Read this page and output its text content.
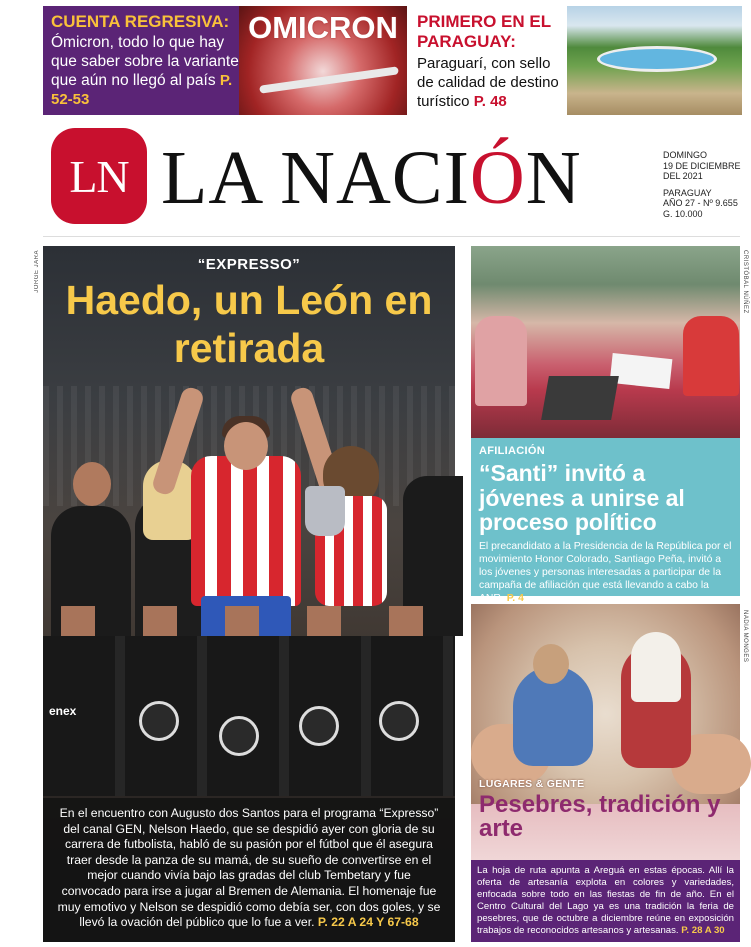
CUENTA REGRESIVA:
Ómicron, todo lo que hay que saber sobre la variante que aún no llegó al país P. 52-53
OMICRON	PRIMERO EN EL PARAGUAY:
Paraguarí, con sello de calidad de destino turístico P. 48
LN LA NACIÓN	DOMINGO
19 DE DICIEMBRE
DEL 2021
PARAGUAY
AÑO 27 - Nº 9.655
G. 10.000
JORGE JARA	CRISTÓBAL NÚÑEZ
NADIA MONGES
“EXPRESSO”
Haedo, un León en retirada
enex
En el encuentro con Augusto dos Santos para el programa “Expresso” del canal GEN, Nelson Haedo, que se despidió ayer con gloria de su carrera de futbolista, habló de su pasión por el fútbol que él asegura traer desde la panza de su mamá, de su sueño de convertirse en el mejor cuando vivía bajo las gradas del club Tembetary y fue convocado para irse a jugar al Bremen de Alemania. El homenaje fue muy emotivo y Nelson se despidió como debía ser, con dos goles, y se llevó la ovación del público que lo fue a ver. P. 22 A 24 Y 67-68
AFILIACIÓN
“Santi” invitó a jóvenes a unirse al proceso político
El precandidato a la Presidencia de la República por el movimiento Honor Colorado, Santiago Peña, invitó a los jóvenes y personas interesadas a participar de la campaña de afiliación que está llevando a cabo la ANR. P. 4
LUGARES & GENTE
Pesebres, tradición y arte
La hoja de ruta apunta a Areguá en estas épocas. Allí la oferta de artesanía explota en colores y variedades, enfocada sobre todo en las fiestas de fin de año. En el Centro Cultural del Lago ya es una tradición la feria de pesebres, que de octubre a diciembre reúne en exposición trabajos de reconocidos artesanos y artesanas. P. 28 A 30
